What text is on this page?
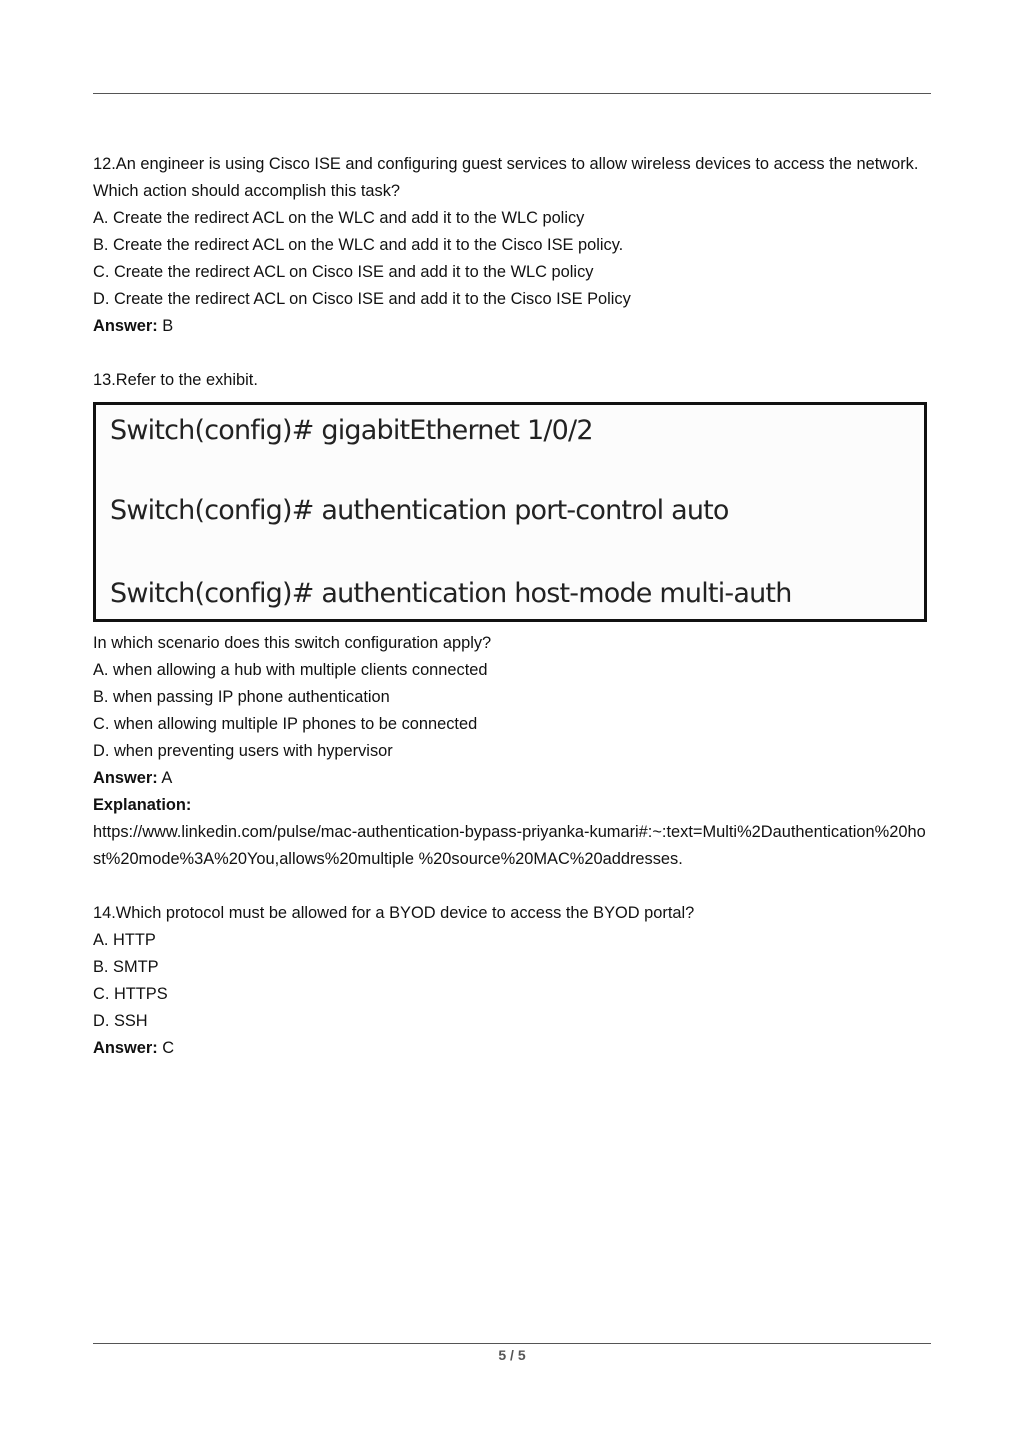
12.An engineer is using Cisco ISE and configuring guest services to allow wireless devices to access the network.
Which action should accomplish this task?
A. Create the redirect ACL on the WLC and add it to the WLC policy
B. Create the redirect ACL on the WLC and add it to the Cisco ISE policy.
C. Create the redirect ACL on Cisco ISE and add it to the WLC policy
D. Create the redirect ACL on Cisco ISE and add it to the Cisco ISE Policy
Answer: B
13.Refer to the exhibit.
Switch(config)# gigabitEthernet 1/0/2
Switch(config)# authentication port-control auto
Switch(config)# authentication host-mode multi-auth
In which scenario does this switch configuration apply?
A. when allowing a hub with multiple clients connected
B. when passing IP phone authentication
C. when allowing multiple IP phones to be connected
D. when preventing users with hypervisor
Answer: A
Explanation:
https://www.linkedin.com/pulse/mac-authentication-bypass-priyanka-kumari#:~:text=Multi%2Dauthentication%20host%20mode%3A%20You,allows%20multiple %20source%20MAC%20addresses.
14.Which protocol must be allowed for a BYOD device to access the BYOD portal?
A. HTTP
B. SMTP
C. HTTPS
D. SSH
Answer: C
5 / 5
